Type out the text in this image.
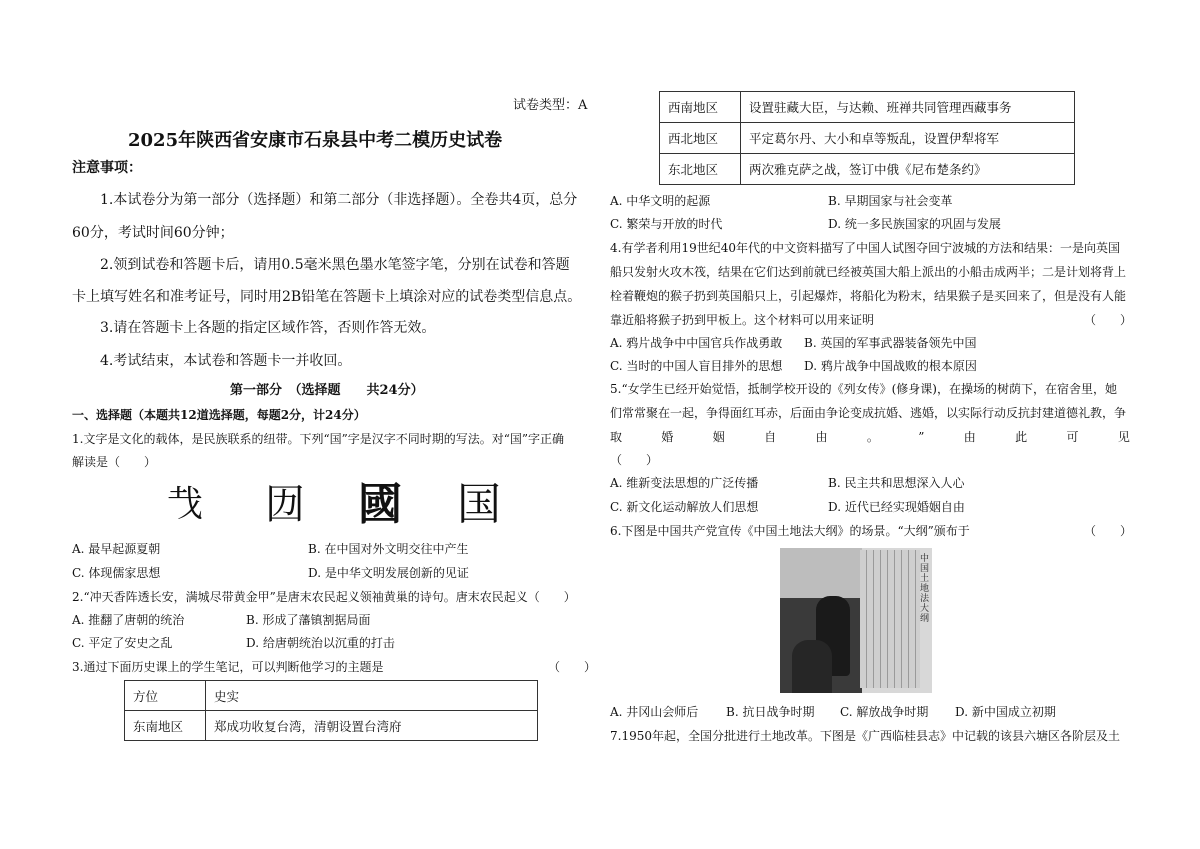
试卷类型：A
2025年陕西省安康市石泉县中考二模历史试卷
注意事项：
1.本试卷分为第一部分（选择题）和第二部分（非选择题）。全卷共4页，总分
60分，考试时间60分钟；
2.领到试卷和答题卡后，请用0.5毫米黑色墨水笔签字笔，分别在试卷和答题
卡上填写姓名和准考证号，同时用2B铅笔在答题卡上填涂对应的试卷类型信息点。
3.请在答题卡上各题的指定区域作答，否则作答无效。
4.考试结束，本试卷和答题卡一并收回。
第一部分　（选择题　　共24分）
一、选择题（本题共12道选择题，每题2分，计24分）
1.文字是文化的载体，是民族联系的纽带。下列“国”字是汉字不同时期的写法。对“国”字正确
解读是（　　）
𢦏 㘞 國 国
A. 最早起源夏朝	B. 在中国对外文明交往中产生
C. 体现儒家思想	D. 是中华文明发展创新的见证
2.“冲天香阵透长安，满城尽带黄金甲”是唐末农民起义领袖黄巢的诗句。唐末农民起义（　　）
A. 推翻了唐朝的统治	B. 形成了藩镇割据局面
C. 平定了安史之乱	D. 给唐朝统治以沉重的打击
3.通过下面历史课上的学生笔记，可以判断他学习的主题是	（　　）
方位	史实
东南地区	郑成功收复台湾，清朝设置台湾府
西南地区	设置驻藏大臣，与达赖、班禅共同管理西藏事务
西北地区	平定葛尔丹、大小和卓等叛乱，设置伊犁将军
东北地区	两次雅克萨之战，签订中俄《尼布楚条约》
A. 中华文明的起源	B. 早期国家与社会变革
C. 繁荣与开放的时代	D. 统一多民族国家的巩固与发展
4.有学者利用19世纪40年代的中文资料描写了中国人试图夺回宁波城的方法和结果：一是向英国
船只发射火攻木筏，结果在它们达到前就已经被英国大船上派出的小船击成两半；二是计划将背上
栓着鞭炮的猴子扔到英国船只上，引起爆炸，将船化为粉末，结果猴子是买回来了，但是没有人能
靠近船将猴子扔到甲板上。这个材料可以用来证明	（　　）
A. 鸦片战争中中国官兵作战勇敢 B. 英国的军事武器装备领先中国
C. 当时的中国人盲目排外的思想 D. 鸦片战争中国战败的根本原因
5.“女学生已经开始觉悟，抵制学校开设的《列女传》(修身课)，在操场的树荫下，在宿舍里，她
们常常聚在一起，争得面红耳赤，后面由争论变成抗婚、逃婚，以实际行动反抗封建道德礼教，争
取	婚	姻	自	由	。	”	由	此	可	见
（　　）
A. 维新变法思想的广泛传播	B. 民主共和思想深入人心
C. 新文化运动解放人们思想	D. 近代已经实现婚姻自由
6.下图是中国共产党宣传《中国土地法大纲》的场景。“大纲”颁布于	（　　）
中国土地法大纲
A. 井冈山会师后 B. 抗日战争时期 C. 解放战争时期 D. 新中国成立初期
7.1950年起，全国分批进行土地改革。下图是《广西临桂县志》中记载的该县六塘区各阶层及土
